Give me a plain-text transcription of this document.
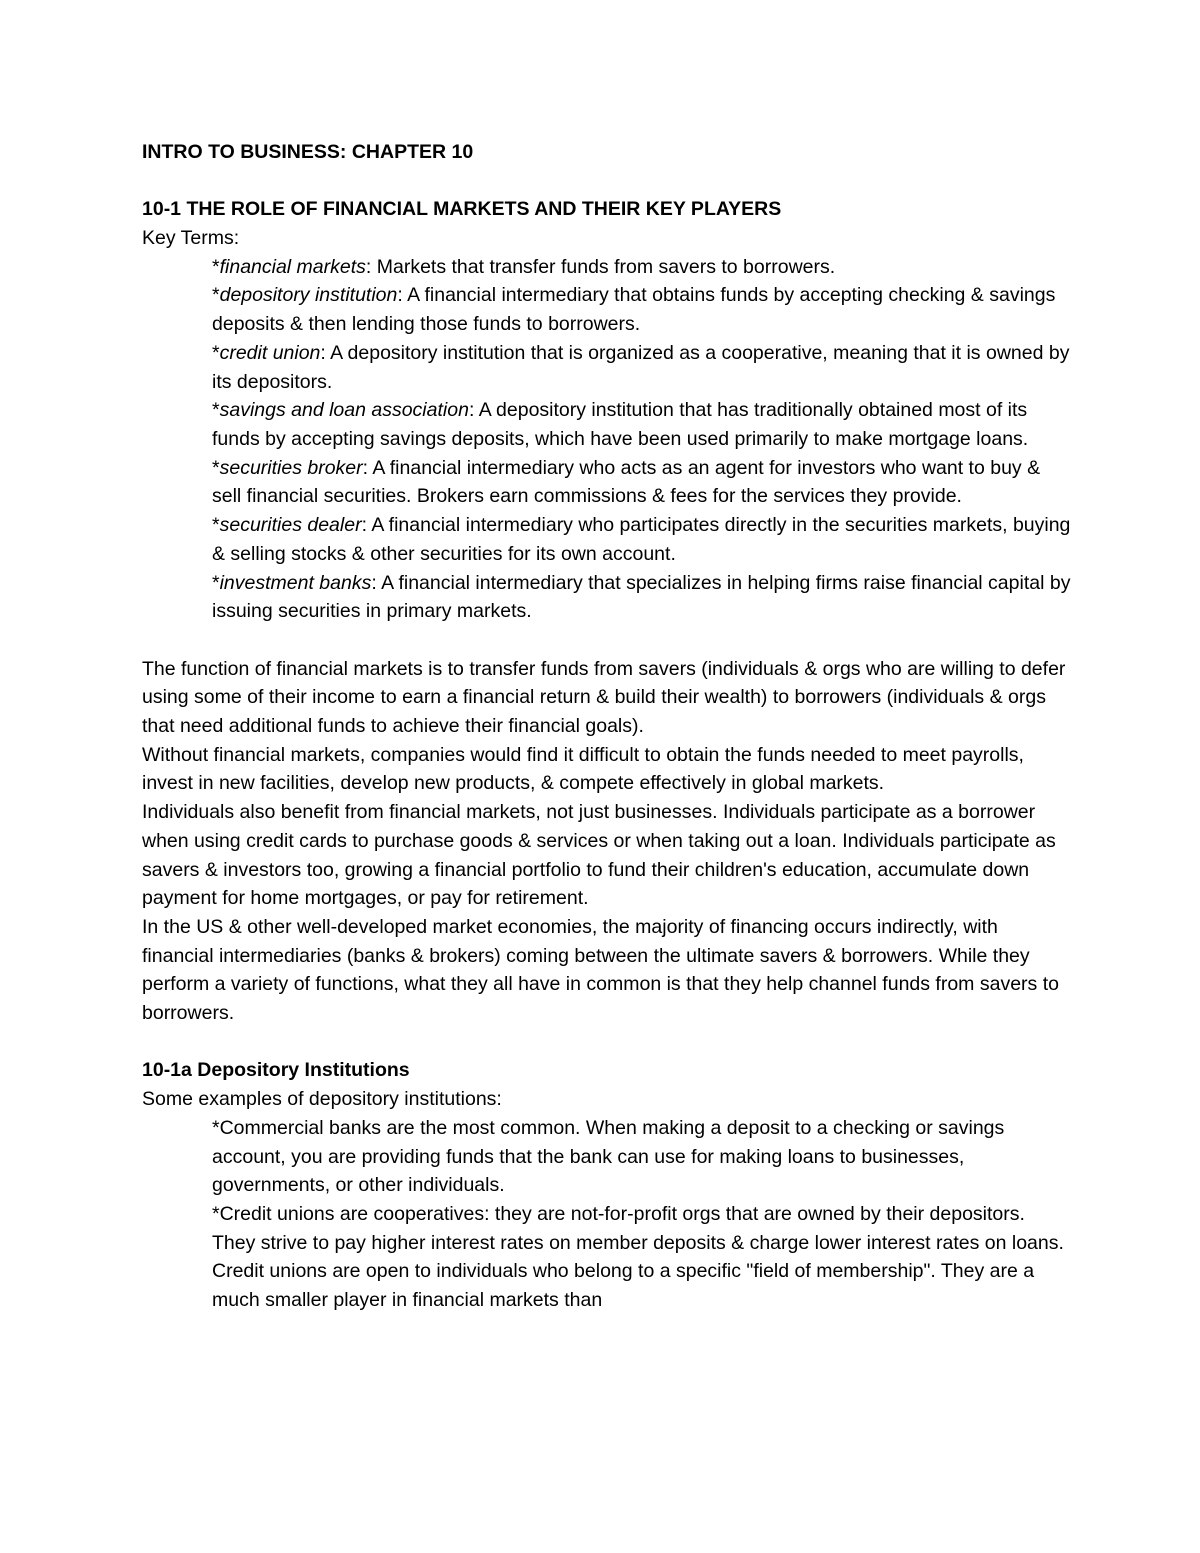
INTRO TO BUSINESS: CHAPTER 10

10-1 THE ROLE OF FINANCIAL MARKETS AND THEIR KEY PLAYERS

Key Terms:

*financial markets: Markets that transfer funds from savers to borrowers.

*depository institution: A financial intermediary that obtains funds by accepting checking & savings deposits & then lending those funds to borrowers.

*credit union: A depository institution that is organized as a cooperative, meaning that it is owned by its depositors.

*savings and loan association: A depository institution that has traditionally obtained most of its funds by accepting savings deposits, which have been used primarily to make mortgage loans.

*securities broker: A financial intermediary who acts as an agent for investors who want to buy & sell financial securities. Brokers earn commissions & fees for the services they provide.

*securities dealer: A financial intermediary who participates directly in the securities markets, buying & selling stocks & other securities for its own account.

*investment banks: A financial intermediary that specializes in helping firms raise financial capital by issuing securities in primary markets.

The function of financial markets is to transfer funds from savers (individuals & orgs who are willing to defer using some of their income to earn a financial return & build their wealth) to borrowers (individuals & orgs that need additional funds to achieve their financial goals).

Without financial markets, companies would find it difficult to obtain the funds needed to meet payrolls, invest in new facilities, develop new products, & compete effectively in global markets.

Individuals also benefit from financial markets, not just businesses. Individuals participate as a borrower when using credit cards to purchase goods & services or when taking out a loan. Individuals participate as savers & investors too, growing a financial portfolio to fund their children's education, accumulate down payment for home mortgages, or pay for retirement.

In the US & other well-developed market economies, the majority of financing occurs indirectly, with financial intermediaries (banks & brokers) coming between the ultimate savers & borrowers. While they perform a variety of functions, what they all have in common is that they help channel funds from savers to borrowers.

10-1a Depository Institutions

Some examples of depository institutions:

*Commercial banks are the most common. When making a deposit to a checking or savings account, you are providing funds that the bank can use for making loans to businesses, governments, or other individuals.

*Credit unions are cooperatives: they are not-for-profit orgs that are owned by their depositors. They strive to pay higher interest rates on member deposits & charge lower interest rates on loans. Credit unions are open to individuals who belong to a specific "field of membership". They are a much smaller player in financial markets than
